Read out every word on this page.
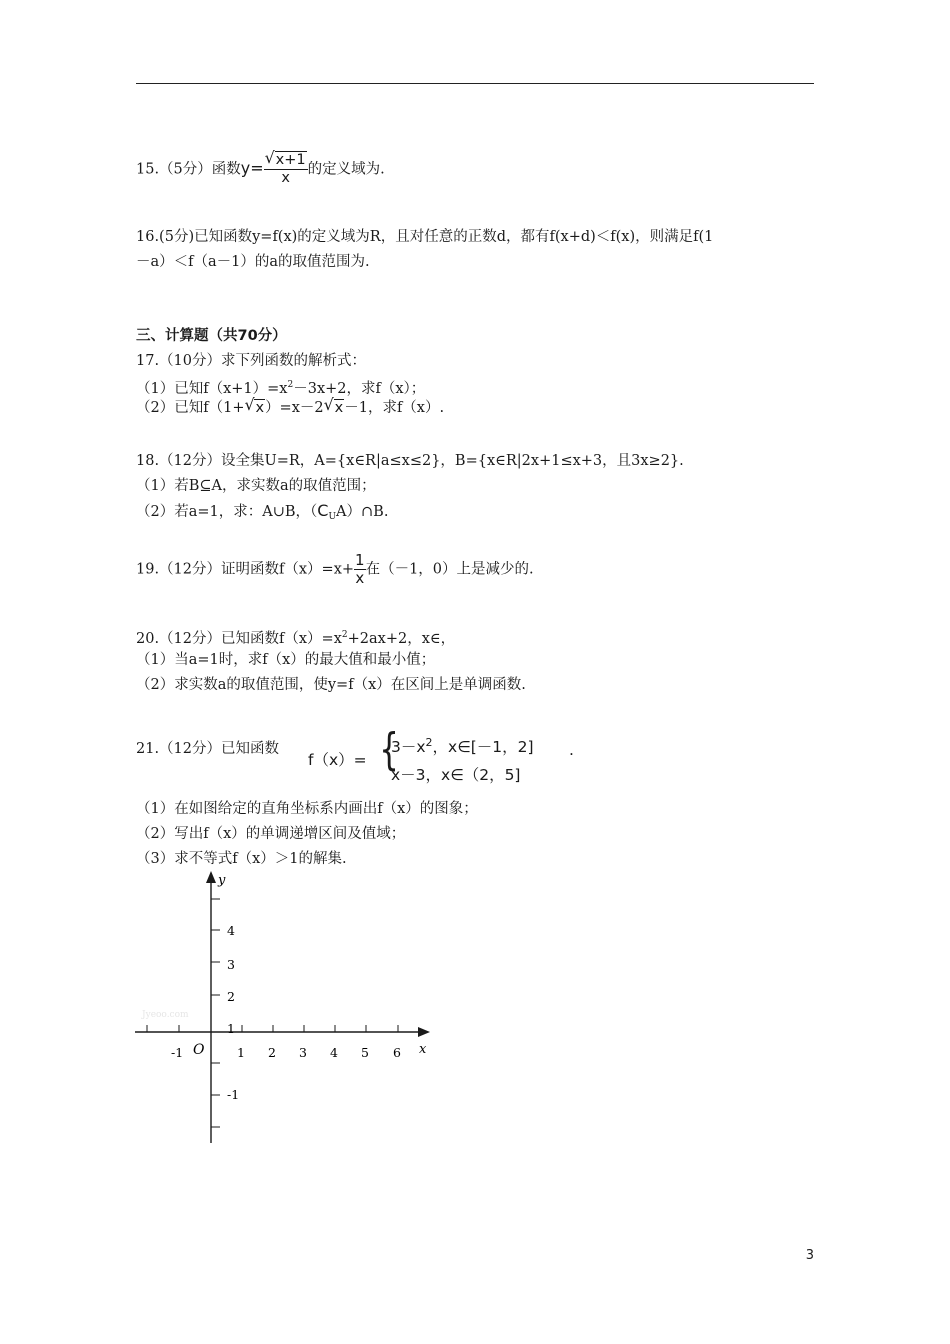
15.（5分）函数$y= \frac{√ x+1}{x}$ 的定义域为.
16.(5分)已知函数y=f(x)的定义域为R，且对任意的正数d，都有f(x+d)＜f(x)，则满足f(1
－a）＜f（a－1）的a的取值范围为.
三、计算题（共70分）
17.（10分）求下列函数的解析式：
（1）已知$f(x+1)=x^2-3x+2$，求f（x）；
（2）已知f（1+ √ x）=x－2 √ x－1，求f（x）.
18.（12分）设全集U=R，A={x∈R|a≤x≤2}，B={x∈R|2x+1≤x+3，且3x≥2}.
（1）若B⊆A，求实数a的取值范围；
（2）若a=1，求：A∪B，$(C_UA)\cap B$.
19.（12分）证明函数$f(x)=x+ \frac{1}{x}$ 在（－1，0）上是减少的.
20.（12分）已知函数$f(x)=x^2+2ax+2$，x∈，
（1）当a=1时，求f（x）的最大值和最小值；
（2）求实数a的取值范围，使y=f（x）在区间上是单调函数.
21.（12分）已知函数
f（x）= {
$3-x^2$，x∈[－1，2]
x－3，x∈（2，5]
.
（1）在如图给定的直角坐标系内画出f（x）的图象；
（2）写出f（x）的单调递增区间及值域；
（3）求不等式f（x）＞1的解集.
y
x
O
-1	1 2 3 4 5 6
4
3
2
1
-1
Jyeoo.com
3
